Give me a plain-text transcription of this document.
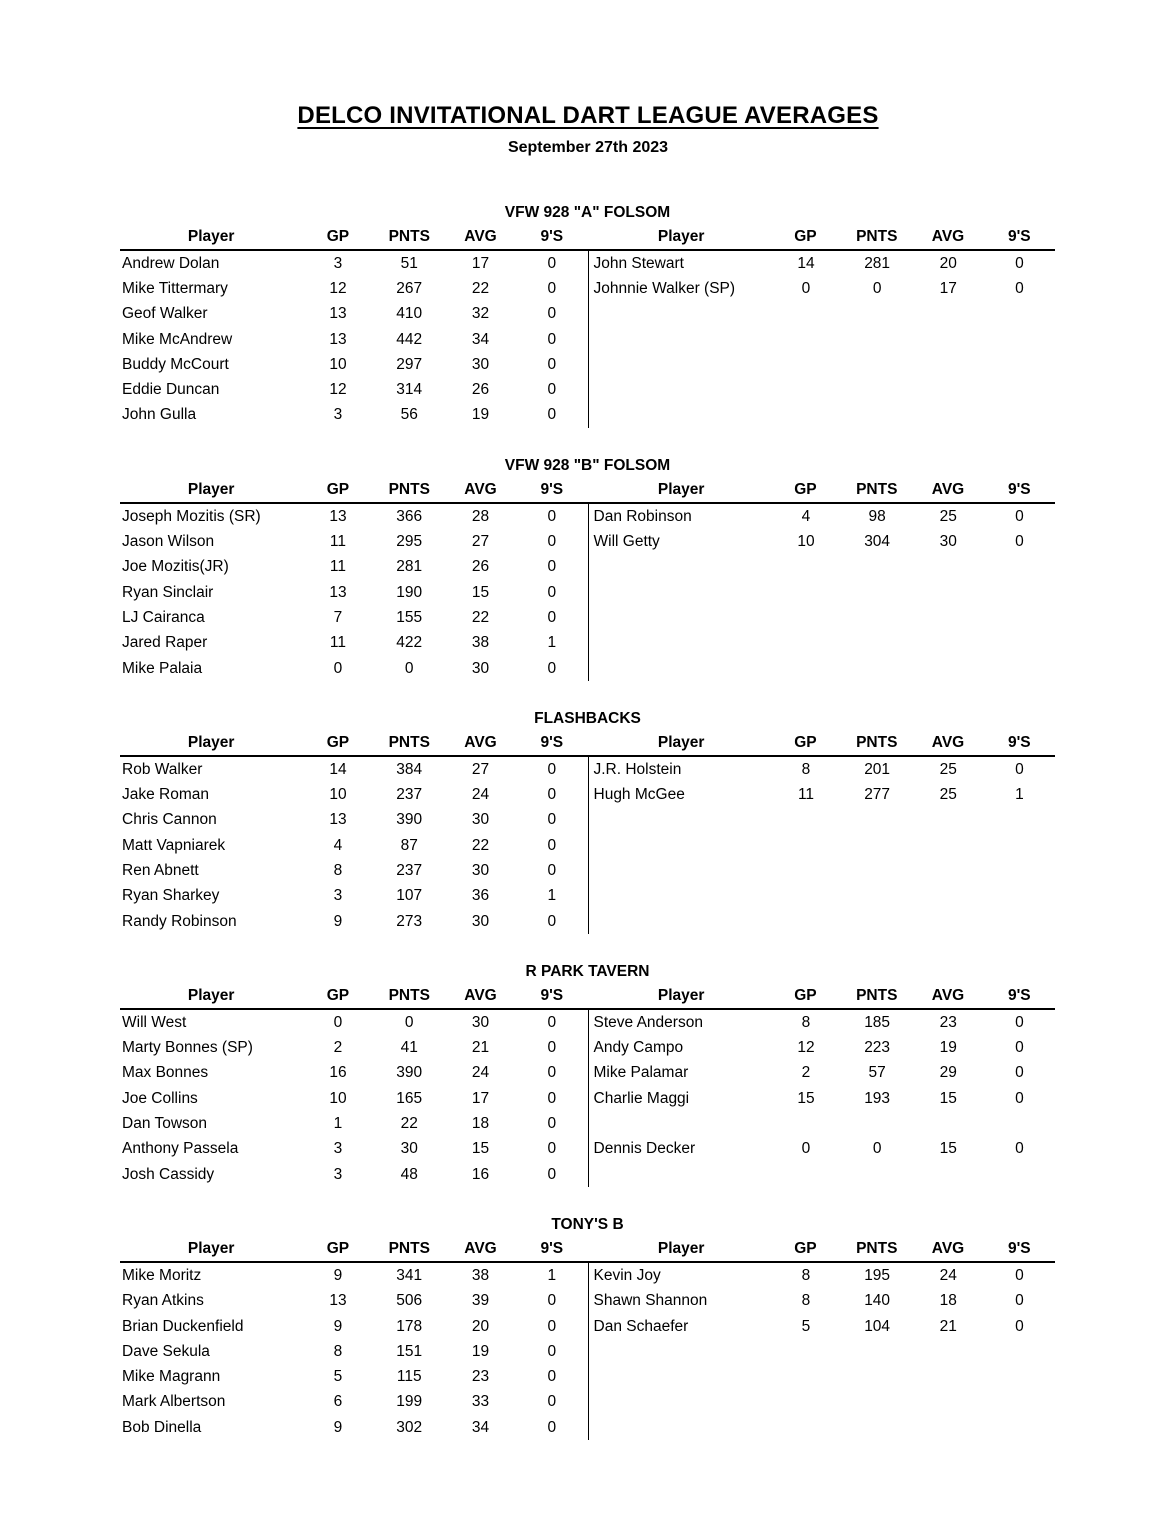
DELCO INVITATIONAL DART LEAGUE AVERAGES
September 27th 2023
VFW 928 "A" FOLSOM
Player	GP	PNTS	AVG	9'S
Andrew Dolan	3	51	17	0
Mike Tittermary	12	267	22	0
Geof Walker	13	410	32	0
Mike McAndrew	13	442	34	0
Buddy McCourt	10	297	30	0
Eddie Duncan	12	314	26	0
John Gulla	3	56	19	0
Player	GP	PNTS	AVG	9'S
John Stewart	14	281	20	0
Johnnie Walker (SP)	0	0	17	0
VFW 928 "B" FOLSOM
Player	GP	PNTS	AVG	9'S
Joseph Mozitis (SR)	13	366	28	0
Jason Wilson	11	295	27	0
Joe Mozitis(JR)	11	281	26	0
Ryan Sinclair	13	190	15	0
LJ Cairanca	7	155	22	0
Jared Raper	11	422	38	1
Mike Palaia	0	0	30	0
Player	GP	PNTS	AVG	9'S
Dan Robinson	4	98	25	0
Will Getty	10	304	30	0
FLASHBACKS
Player	GP	PNTS	AVG	9'S
Rob Walker	14	384	27	0
Jake Roman	10	237	24	0
Chris Cannon	13	390	30	0
Matt Vapniarek	4	87	22	0
Ren Abnett	8	237	30	0
Ryan Sharkey	3	107	36	1
Randy Robinson	9	273	30	0
Player	GP	PNTS	AVG	9'S
J.R. Holstein	8	201	25	0
Hugh McGee	11	277	25	1
R PARK TAVERN
Player	GP	PNTS	AVG	9'S
Will West	0	0	30	0
Marty Bonnes (SP)	2	41	21	0
Max Bonnes	16	390	24	0
Joe Collins	10	165	17	0
Dan Towson	1	22	18	0
Anthony Passela	3	30	15	0
Josh Cassidy	3	48	16	0
Player	GP	PNTS	AVG	9'S
Steve Anderson	8	185	23	0
Andy Campo	12	223	19	0
Mike Palamar	2	57	29	0
Charlie Maggi	15	193	15	0
Dennis Decker	0	0	15	0
TONY'S B
Player	GP	PNTS	AVG	9'S
Mike Moritz	9	341	38	1
Ryan Atkins	13	506	39	0
Brian Duckenfield	9	178	20	0
Dave Sekula	8	151	19	0
Mike Magrann	5	115	23	0
Mark Albertson	6	199	33	0
Bob Dinella	9	302	34	0
Player	GP	PNTS	AVG	9'S
Kevin Joy	8	195	24	0
Shawn Shannon	8	140	18	0
Dan Schaefer	5	104	21	0
